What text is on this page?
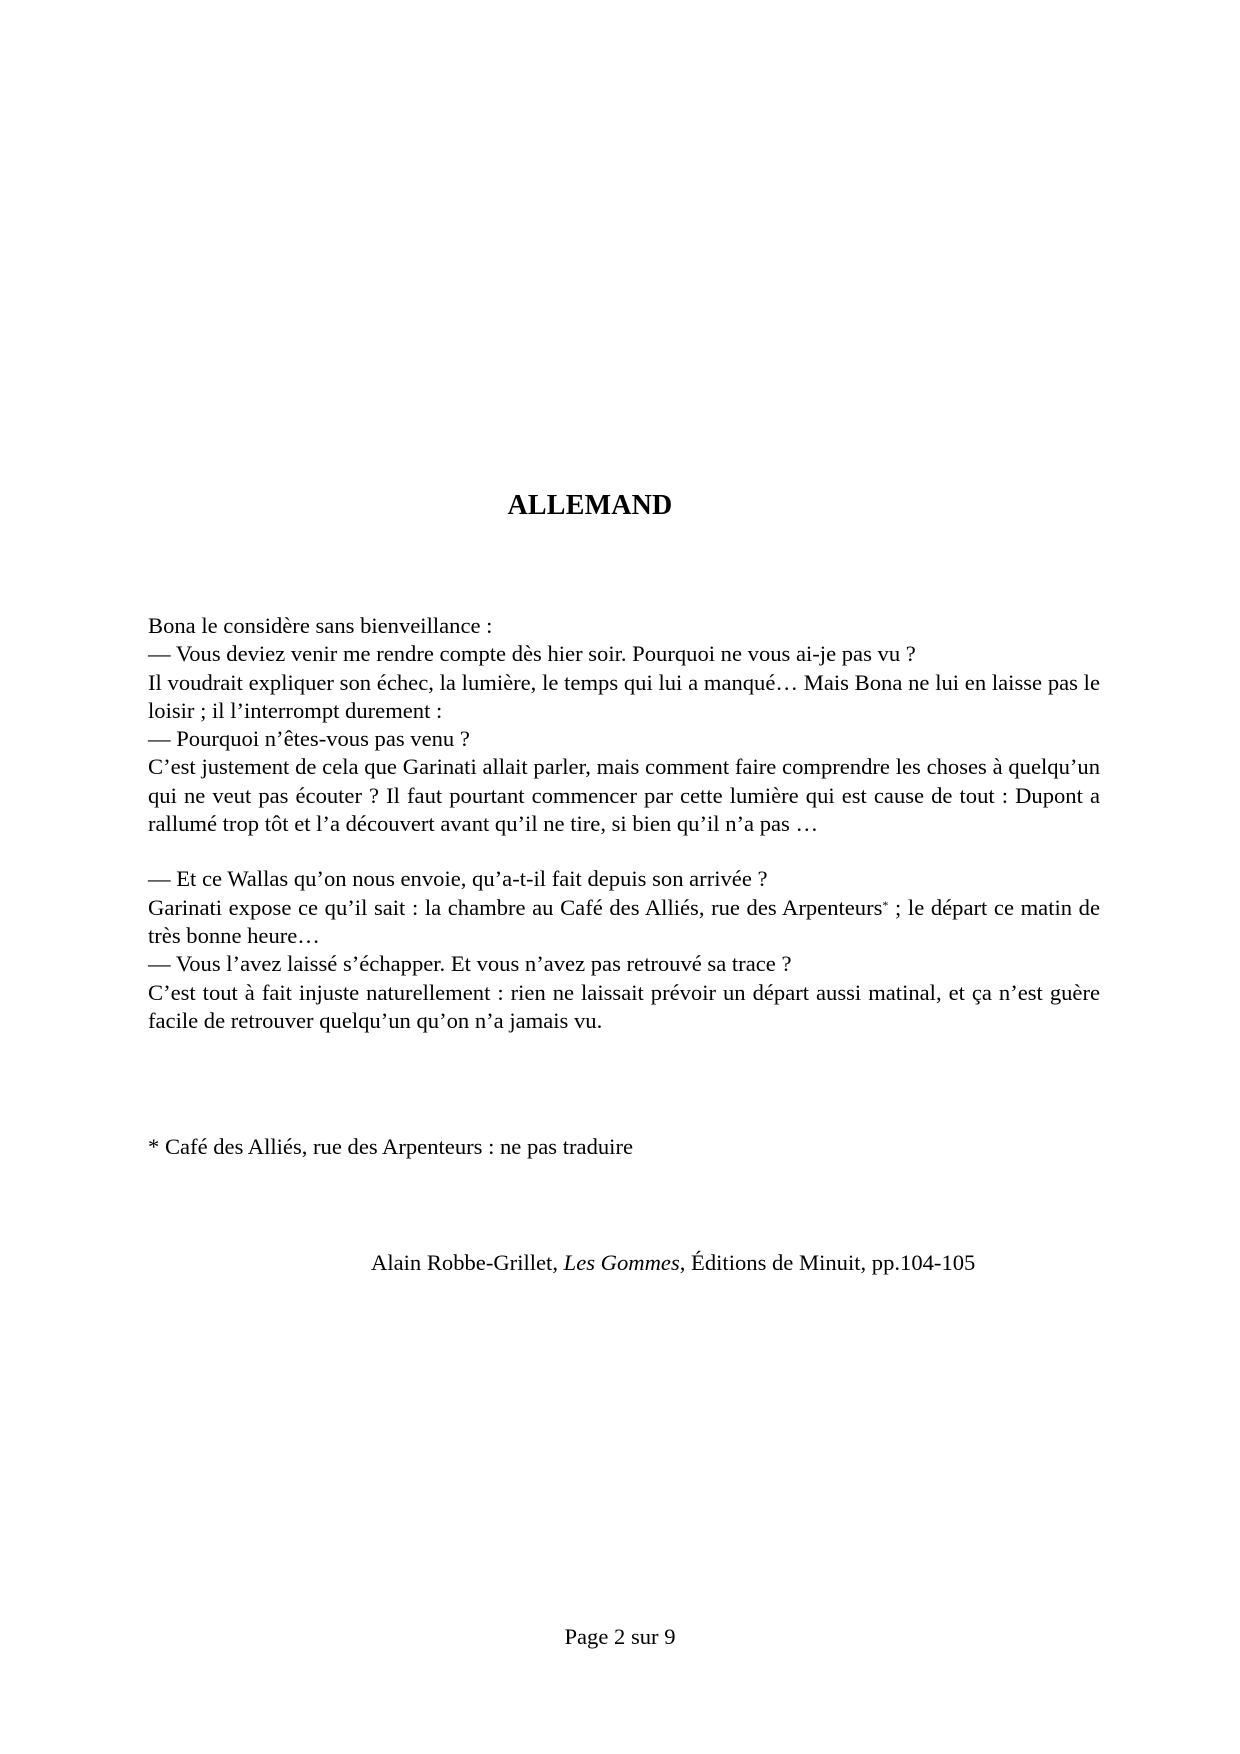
ALLEMAND

Bona le considère sans bienveillance :

— Vous deviez venir me rendre compte dès hier soir. Pourquoi ne vous ai-je pas vu ?

Il voudrait expliquer son échec, la lumière, le temps qui lui a manqué… Mais Bona ne lui en laisse pas le loisir ; il l’interrompt durement :

— Pourquoi n’êtes-vous pas venu ?

C’est justement de cela que Garinati allait parler, mais comment faire comprendre les choses à quelqu’un qui ne veut pas écouter ? Il faut pourtant commencer par cette lumière qui est cause de tout : Dupont a rallumé trop tôt et l’a découvert avant qu’il ne tire, si bien qu’il n’a pas …

— Et ce Wallas qu’on nous envoie, qu’a-t-il fait depuis son arrivée ?

Garinati expose ce qu’il sait : la chambre au Café des Alliés, rue des Arpenteurs* ; le départ ce matin de très bonne heure…

— Vous l’avez laissé s’échapper. Et vous n’avez pas retrouvé sa trace ?

C’est tout à fait injuste naturellement : rien ne laissait prévoir un départ aussi matinal, et ça n’est guère facile de retrouver quelqu’un qu’on n’a jamais vu.

* Café des Alliés, rue des Arpenteurs : ne pas traduire
Alain Robbe-Grillet, Les Gommes, Éditions de Minuit, pp.104-105
Page 2 sur 9
